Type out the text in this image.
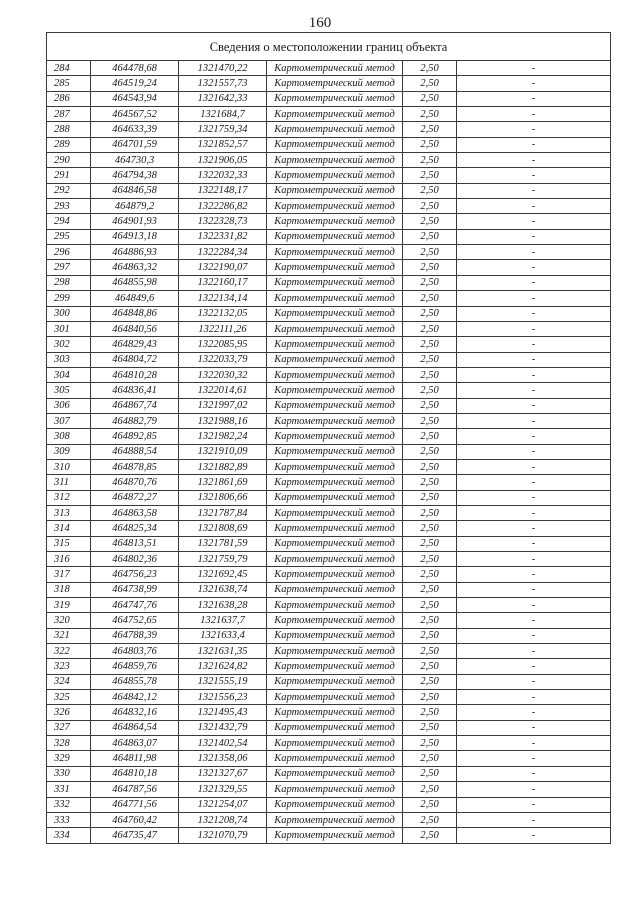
160
Сведения о местоположении границ объекта					
284	464478,68	1321470,22	Картометрический метод	2,50	-
285	464519,24	1321557,73	Картометрический метод	2,50	-
286	464543,94	1321642,33	Картометрический метод	2,50	-
287	464567,52	1321684,7	Картометрический метод	2,50	-
288	464633,39	1321759,34	Картометрический метод	2,50	-
289	464701,59	1321852,57	Картометрический метод	2,50	-
290	464730,3	1321906,05	Картометрический метод	2,50	-
291	464794,38	1322032,33	Картометрический метод	2,50	-
292	464846,58	1322148,17	Картометрический метод	2,50	-
293	464879,2	1322286,82	Картометрический метод	2,50	-
294	464901,93	1322328,73	Картометрический метод	2,50	-
295	464913,18	1322331,82	Картометрический метод	2,50	-
296	464886,93	1322284,34	Картометрический метод	2,50	-
297	464863,32	1322190,07	Картометрический метод	2,50	-
298	464855,98	1322160,17	Картометрический метод	2,50	-
299	464849,6	1322134,14	Картометрический метод	2,50	-
300	464848,86	1322132,05	Картометрический метод	2,50	-
301	464840,56	1322111,26	Картометрический метод	2,50	-
302	464829,43	1322085,95	Картометрический метод	2,50	-
303	464804,72	1322033,79	Картометрический метод	2,50	-
304	464810,28	1322030,32	Картометрический метод	2,50	-
305	464836,41	1322014,61	Картометрический метод	2,50	-
306	464867,74	1321997,02	Картометрический метод	2,50	-
307	464882,79	1321988,16	Картометрический метод	2,50	-
308	464892,85	1321982,24	Картометрический метод	2,50	-
309	464888,54	1321910,09	Картометрический метод	2,50	-
310	464878,85	1321882,89	Картометрический метод	2,50	-
311	464870,76	1321861,69	Картометрический метод	2,50	-
312	464872,27	1321806,66	Картометрический метод	2,50	-
313	464863,58	1321787,84	Картометрический метод	2,50	-
314	464825,34	1321808,69	Картометрический метод	2,50	-
315	464813,51	1321781,59	Картометрический метод	2,50	-
316	464802,36	1321759,79	Картометрический метод	2,50	-
317	464756,23	1321692,45	Картометрический метод	2,50	-
318	464738,99	1321638,74	Картометрический метод	2,50	-
319	464747,76	1321638,28	Картометрический метод	2,50	-
320	464752,65	1321637,7	Картометрический метод	2,50	-
321	464788,39	1321633,4	Картометрический метод	2,50	-
322	464803,76	1321631,35	Картометрический метод	2,50	-
323	464859,76	1321624,82	Картометрический метод	2,50	-
324	464855,78	1321555,19	Картометрический метод	2,50	-
325	464842,12	1321556,23	Картометрический метод	2,50	-
326	464832,16	1321495,43	Картометрический метод	2,50	-
327	464864,54	1321432,79	Картометрический метод	2,50	-
328	464863,07	1321402,54	Картометрический метод	2,50	-
329	464811,98	1321358,06	Картометрический метод	2,50	-
330	464810,18	1321327,67	Картометрический метод	2,50	-
331	464787,56	1321329,55	Картометрический метод	2,50	-
332	464771,56	1321254,07	Картометрический метод	2,50	-
333	464760,42	1321208,74	Картометрический метод	2,50	-
334	464735,47	1321070,79	Картометрический метод	2,50	-
